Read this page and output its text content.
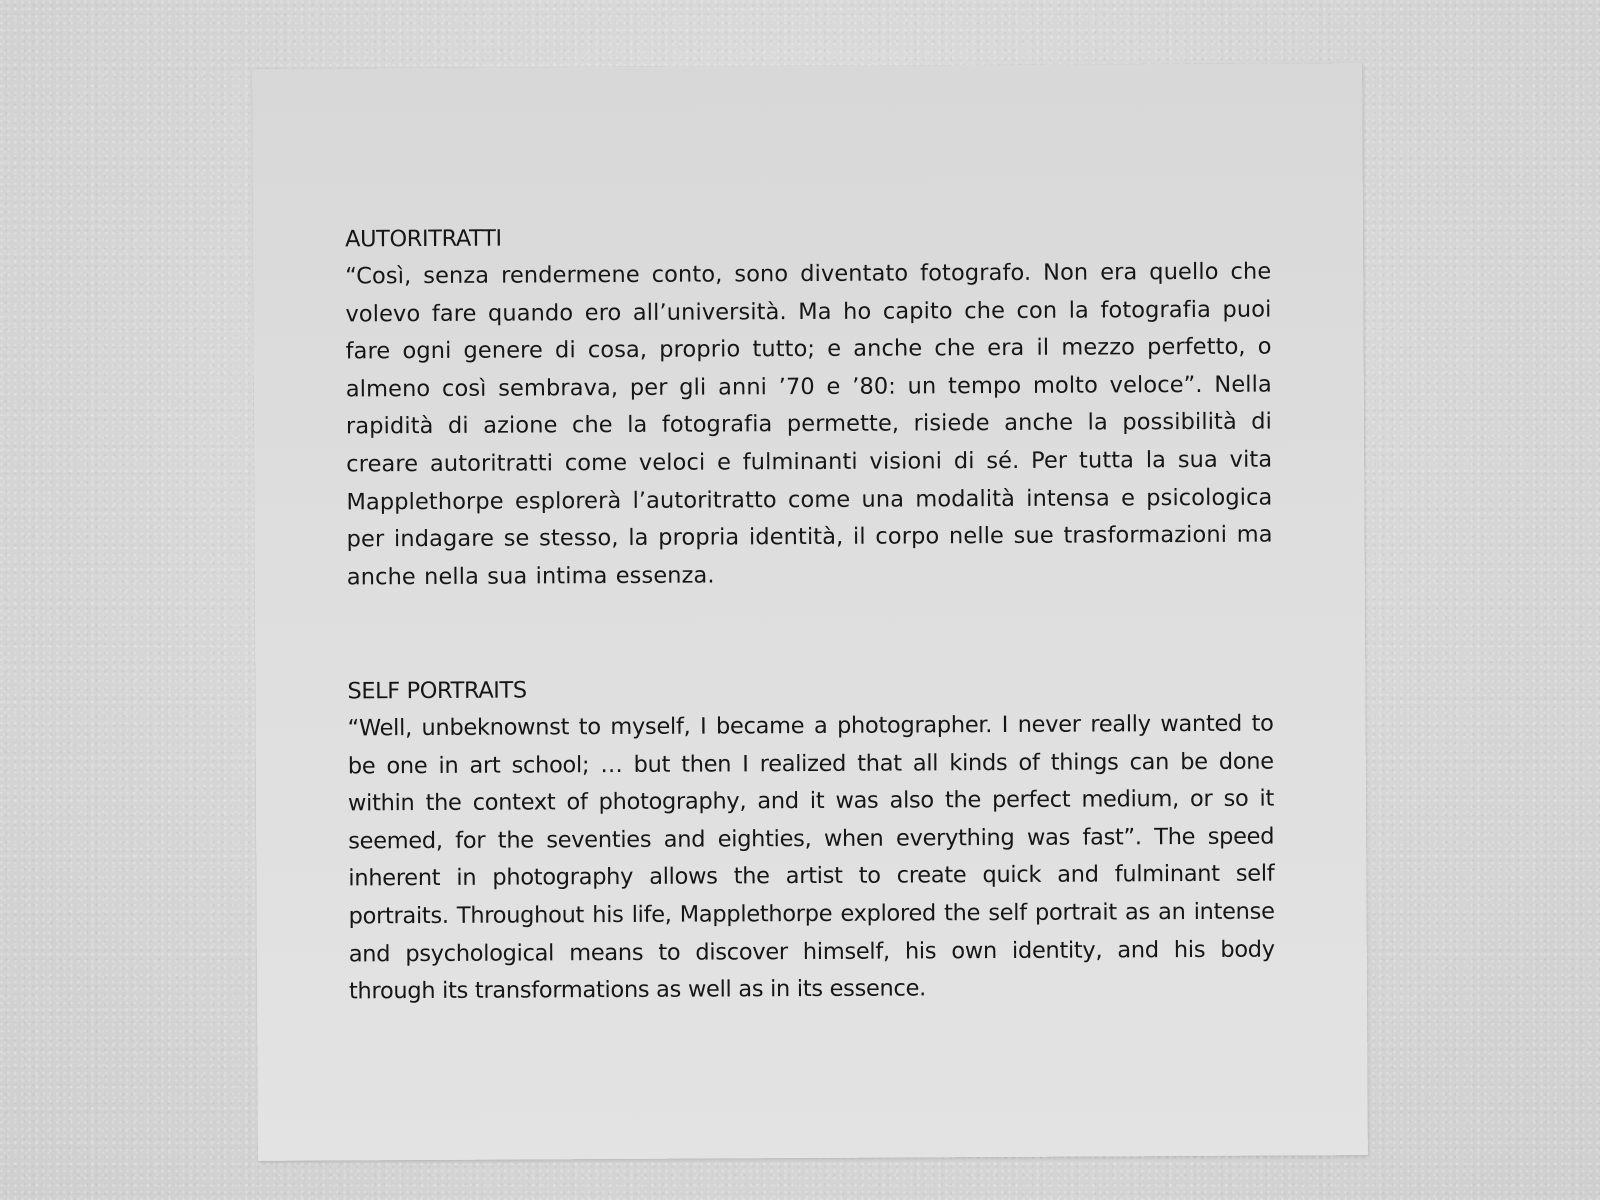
AUTORITRATTI

“Così, senza rendermene conto, sono diventato fotografo. Non era quello che volevo fare quando ero all’università. Ma ho capito che con la fotografia puoi fare ogni genere di cosa, proprio tutto; e anche che era il mezzo perfetto, o almeno così sembrava, per gli anni ’70 e ’80: un tempo molto veloce”. Nella rapidità di azione che la fotografia permette, risiede anche la possibilità di creare autoritratti come veloci e fulminanti visioni di sé. Per tutta la sua vita Mapplethorpe esplorerà l’autoritratto come una modalità intensa e psicologica per indagare se stesso, la propria identità, il corpo nelle sue trasformazioni ma anche nella sua intima essenza.

SELF PORTRAITS

“Well, unbeknownst to myself, I became a photographer. I never really wanted to be one in art school; … but then I realized that all kinds of things can be done within the context of photography, and it was also the perfect medium, or so it seemed, for the seventies and eighties, when everything was fast”. The speed inherent in photography allows the artist to create quick and fulminant self portraits. Throughout his life, Mapplethorpe explored the self portrait as an intense and psychological means to discover himself, his own identity, and his body through its transformations as well as in its essence.
